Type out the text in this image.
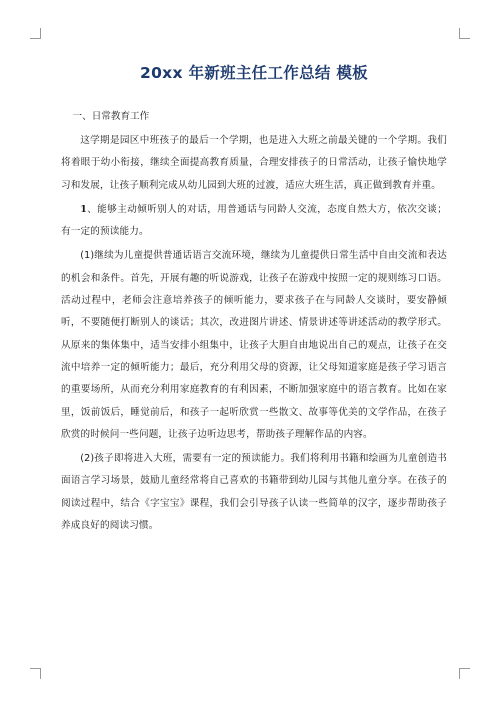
20xx 年新班主任工作总结 模板
一、日常教育工作

这学期是园区中班孩子的最后一个学期，也是进入大班之前最关键的一个学期。我们将着眼于幼小衔接，继续全面提高教育质量，合理安排孩子的日常活动，让孩子愉快地学习和发展，让孩子顺利完成从幼儿园到大班的过渡，适应大班生活，真正做到教育并重。

1、能够主动倾听别人的对话，用普通话与同龄人交流，态度自然大方，依次交谈；有一定的预读能力。

(1)继续为儿童提供普通话语言交流环境，继续为儿童提供日常生活中自由交流和表达的机会和条件。首先，开展有趣的听说游戏，让孩子在游戏中按照一定的规则练习口语。活动过程中，老师会注意培养孩子的倾听能力，要求孩子在与同龄人交谈时，要安静倾听，不要随便打断别人的谈话；其次，改进图片讲述、情景讲述等讲述活动的教学形式。从原来的集体集中，适当安排小组集中，让孩子大胆自由地说出自己的观点，让孩子在交流中培养一定的倾听能力；最后，充分利用父母的资源，让父母知道家庭是孩子学习语言的重要场所，从而充分利用家庭教育的有利因素，不断加强家庭中的语言教育。比如在家里，饭前饭后，睡觉前后，和孩子一起听欣赏一些散文、故事等优美的文学作品，在孩子欣赏的时候问一些问题，让孩子边听边思考，帮助孩子理解作品的内容。

(2)孩子即将进入大班，需要有一定的预读能力。我们将利用书籍和绘画为儿童创造书面语言学习场景，鼓励儿童经常将自己喜欢的书籍带到幼儿园与其他儿童分享。在孩子的阅读过程中，结合《字宝宝》课程，我们会引导孩子认读一些简单的汉字，逐步帮助孩子养成良好的阅读习惯。
